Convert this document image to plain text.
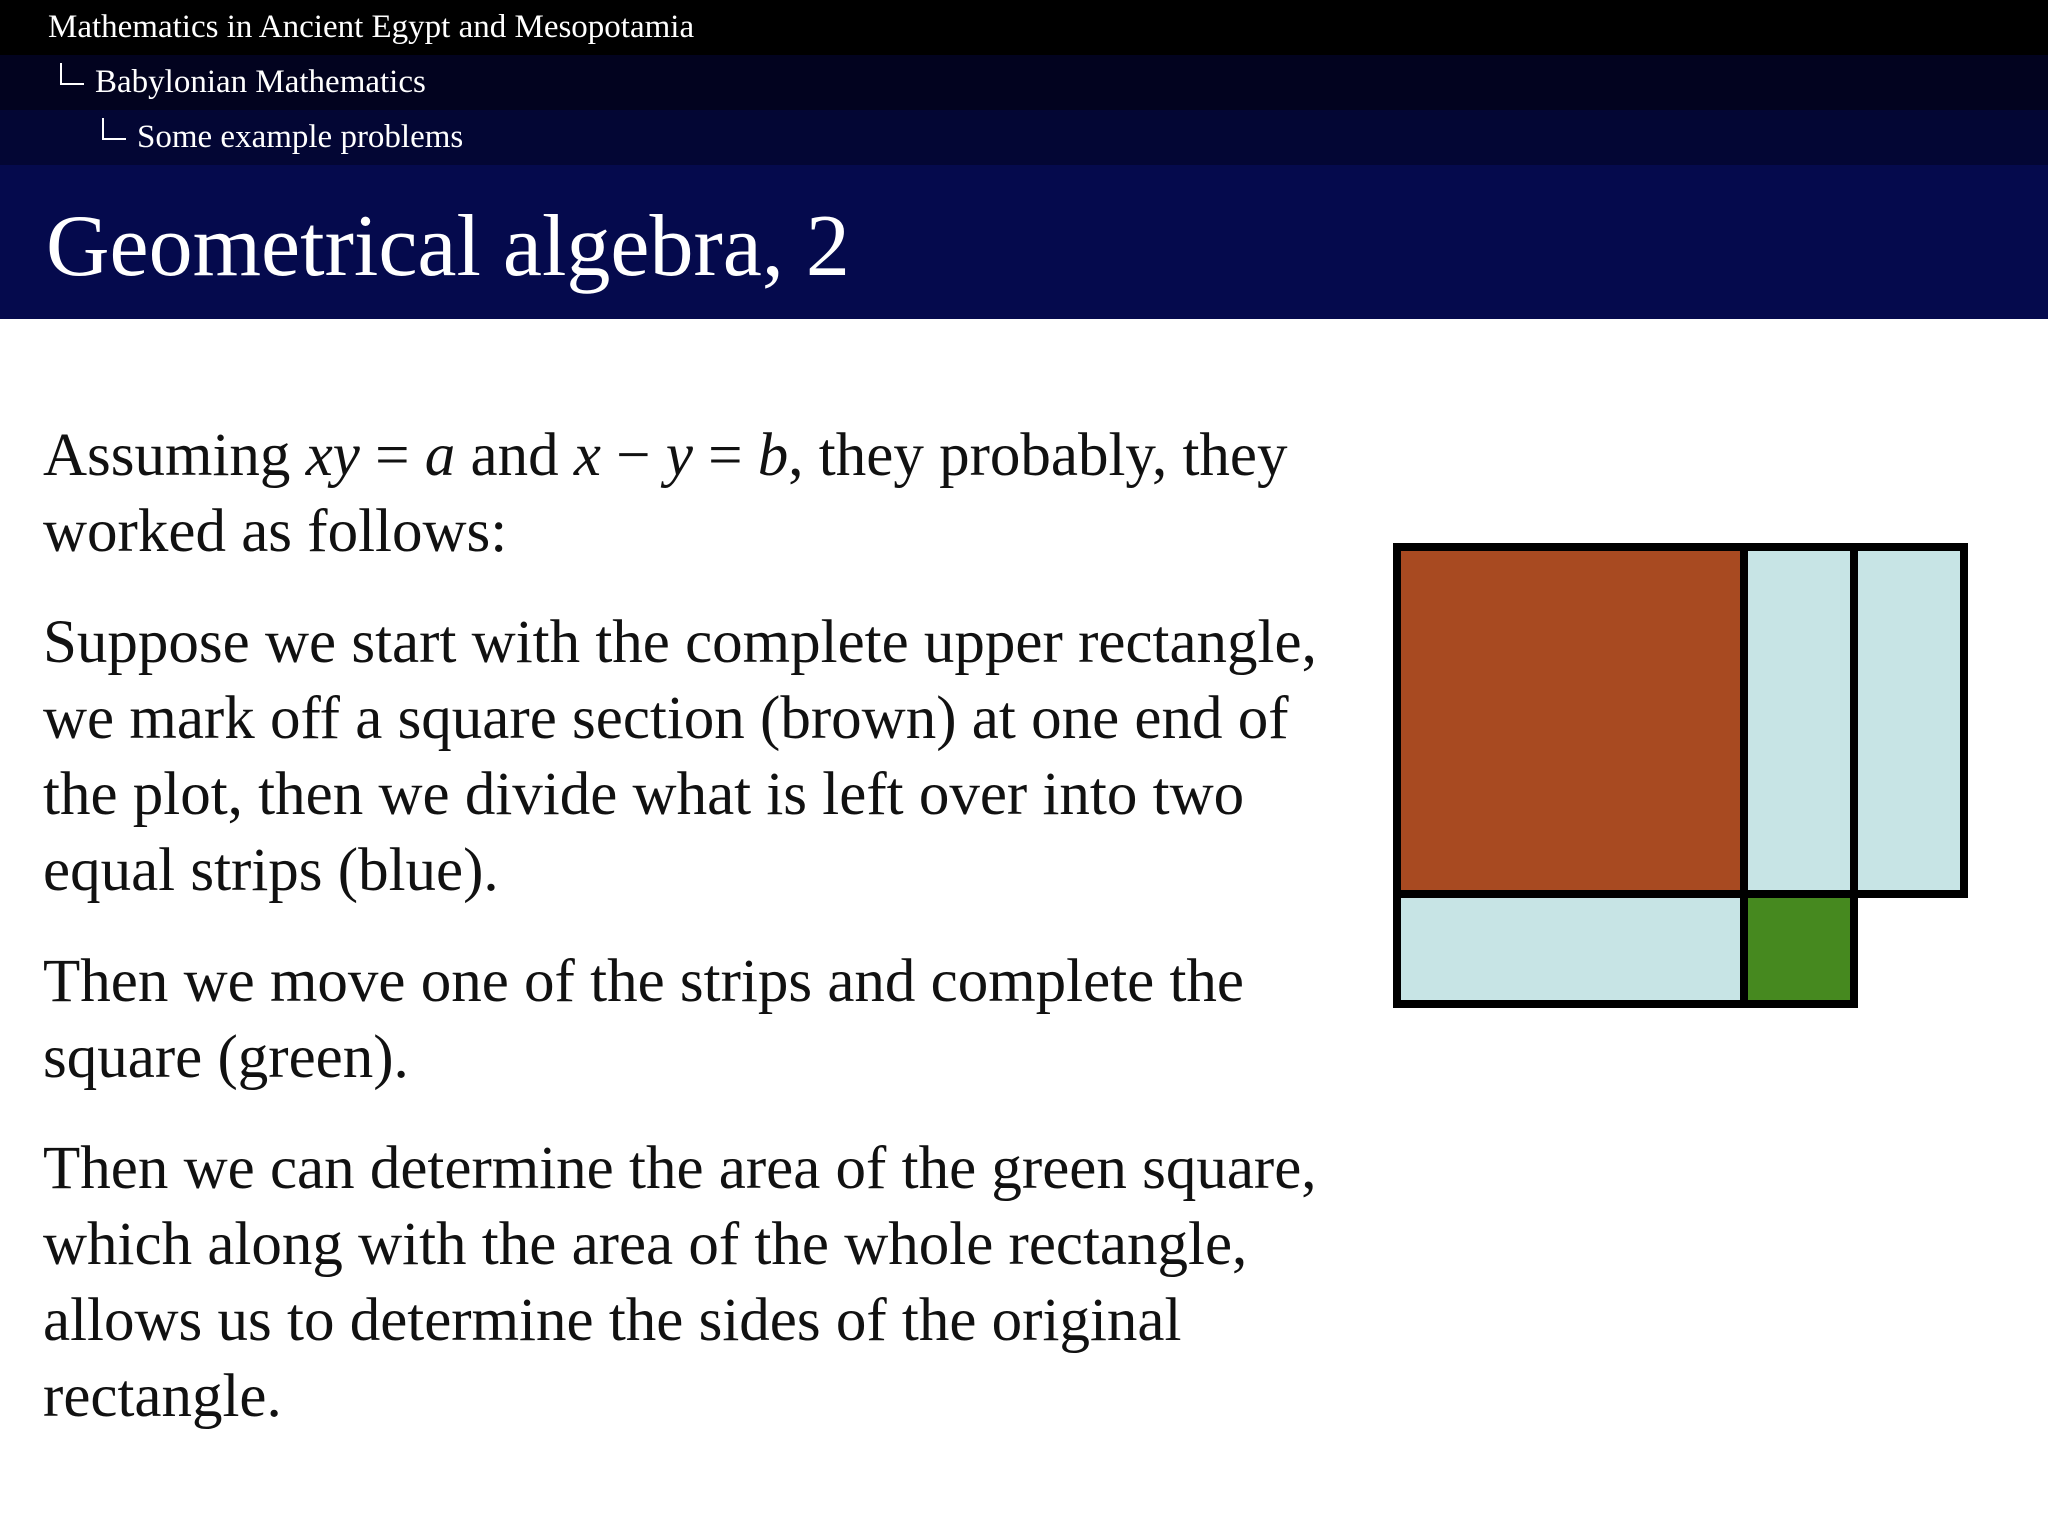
Mathematics in Ancient Egypt and Mesopotamia
Babylonian Mathematics
Some example problems
Geometrical algebra, 2

Assuming xy = a and x − y = b, they probably, they worked as follows:

Suppose we start with the complete upper rectangle, we mark off a square section (brown) at one end of the plot, then we divide what is left over into two equal strips (blue).

Then we move one of the strips and complete the square (green).

Then we can determine the area of the green square, which along with the area of the whole rectangle, allows us to determine the sides of the original rectangle.
